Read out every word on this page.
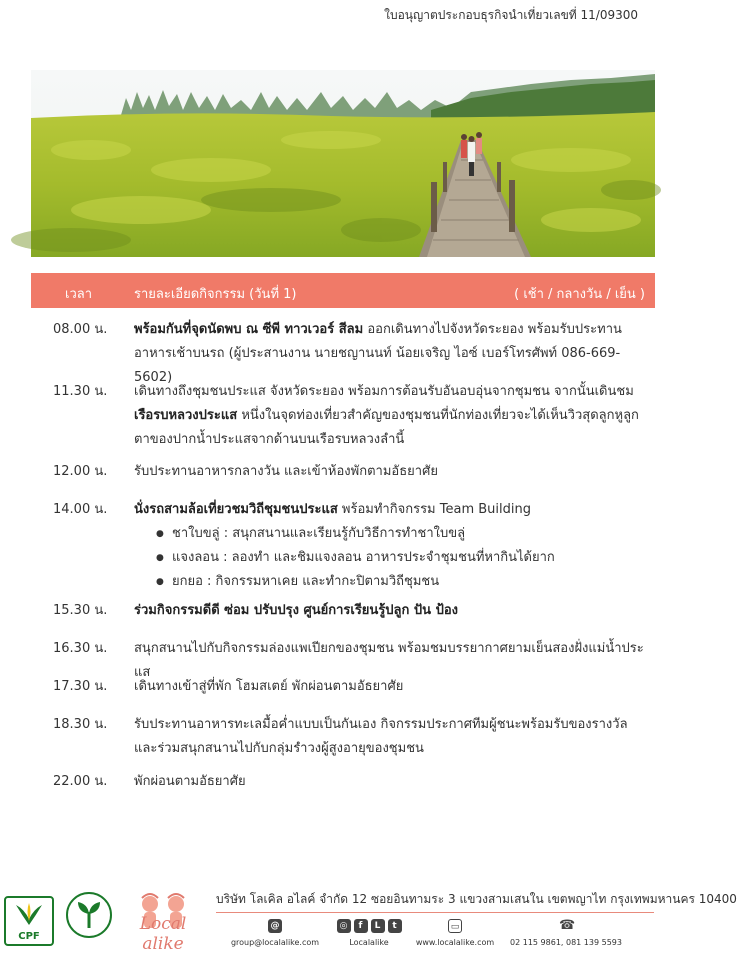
ใบอนุญาตประกอบธุรกิจนำเที่ยวเลขที่ 11/09300
เวลา	รายละเอียดกิจกรรม (วันที่ 1)	( เช้า / กลางวัน / เย็น )
08.00 น.	พร้อมกันที่จุดนัดพบ ณ ซีพี ทาวเวอร์ สีลม ออกเดินทางไปจังหวัดระยอง พร้อมรับประทานอาหารเช้าบนรถ (ผู้ประสานงาน นายชญานนท์ น้อยเจริญ ไอซ์ เบอร์โทรศัพท์ 086-669-5602)
11.30 น.	เดินทางถึงชุมชนประแส จังหวัดระยอง พร้อมการต้อนรับอันอบอุ่นจากชุมชน จากนั้นเดินชม เรือรบหลวงประแส หนึ่งในจุดท่องเที่ยวสำคัญของชุมชนที่นักท่องเที่ยวจะได้เห็นวิวสุดลูกหูลูกตาของปากน้ำประแสจากด้านบนเรือรบหลวงลำนี้
12.00 น.	รับประทานอาหารกลางวัน และเข้าห้องพักตามอัธยาศัย
14.00 น.	นั่งรถสามล้อเที่ยวชมวิถีชุมชนประแส พร้อมทำกิจกรรม Team Building
● ชาใบขลู่ : สนุกสนานและเรียนรู้กับวิธีการทำชาใบขลู่
● แจงลอน : ลองทำ และชิมแจงลอน อาหารประจำชุมชนที่หากินได้ยาก
● ยกยอ : กิจกรรมหาเคย และทำกะปิตามวิถีชุมชน
15.30 น.	ร่วมกิจกรรมดีดี ซ่อม ปรับปรุง ศูนย์การเรียนรู้ปลูก ปัน ป้อง
16.30 น.	สนุกสนานไปกับกิจกรรมล่องแพเปียกของชุมชน พร้อมชมบรรยากาศยามเย็นสองฝั่งแม่น้ำประแส
17.30 น.	เดินทางเข้าสู่ที่พัก โฮมสเตย์ พักผ่อนตามอัธยาศัย
18.30 น.	รับประทานอาหารทะเลมื้อค่ำแบบเป็นกันเอง กิจกรรมประกาศทีมผู้ชนะพร้อมรับของรางวัล และร่วมสนุกสนานไปกับกลุ่มรำวงผู้สูงอายุของชุมชน
22.00 น.	พักผ่อนตามอัธยาศัย
CPF
Local alike
บริษัท โลเคิล อไลค์ จำกัด 12 ซอยอินทามระ 3 แขวงสามเสนใน เขตพญาไท กรุงเทพมหานคร 10400
@
group@localalike.com
◎	f	L	t
Localalike
▭
www.localalike.com
☎
02 115 9861, 081 139 5593
